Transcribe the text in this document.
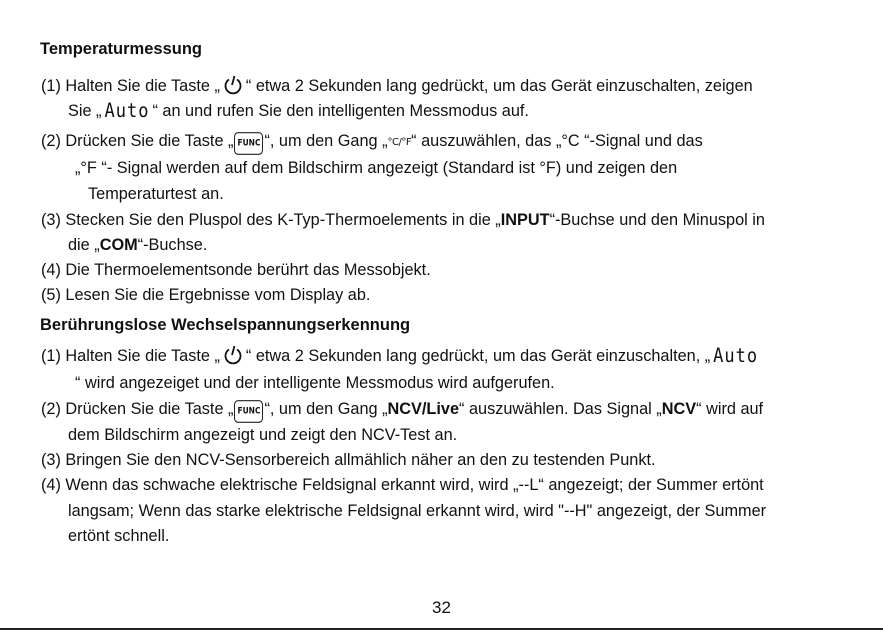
Temperaturmessung
(1) Halten Sie die Taste „ “ etwa 2 Sekunden lang gedrückt, um das Gerät einzuschalten, zeigen
Sie „ Auto “ an und rufen Sie den intelligenten Messmodus auf.
(2) Drücken Sie die Taste „ FUNC “, um den Gang „°C/°F“ auszuwählen, das „°C “-Signal und das
„°F “- Signal werden auf dem Bildschirm angezeigt (Standard ist °F) und zeigen den
Temperaturtest an.
(3) Stecken Sie den Pluspol des K-Typ-Thermoelements in die „INPUT“-Buchse und den Minuspol in
die „COM“-Buchse.
(4) Die Thermoelementsonde berührt das Messobjekt.
(5) Lesen Sie die Ergebnisse vom Display ab.
Berührungslose Wechselspannungserkennung
(1) Halten Sie die Taste „ “ etwa 2 Sekunden lang gedrückt, um das Gerät einzuschalten, „ Auto
“ wird angezeiget und der intelligente Messmodus wird aufgerufen.
(2) Drücken Sie die Taste „ FUNC “, um den Gang „NCV/Live“ auszuwählen. Das Signal „NCV“ wird auf
dem Bildschirm angezeigt und zeigt den NCV-Test an.
(3) Bringen Sie den NCV-Sensorbereich allmählich näher an den zu testenden Punkt.
(4) Wenn das schwache elektrische Feldsignal erkannt wird, wird „--L“ angezeigt; der Summer ertönt
langsam; Wenn das starke elektrische Feldsignal erkannt wird, wird "--H" angezeigt, der Summer
ertönt schnell.
32
